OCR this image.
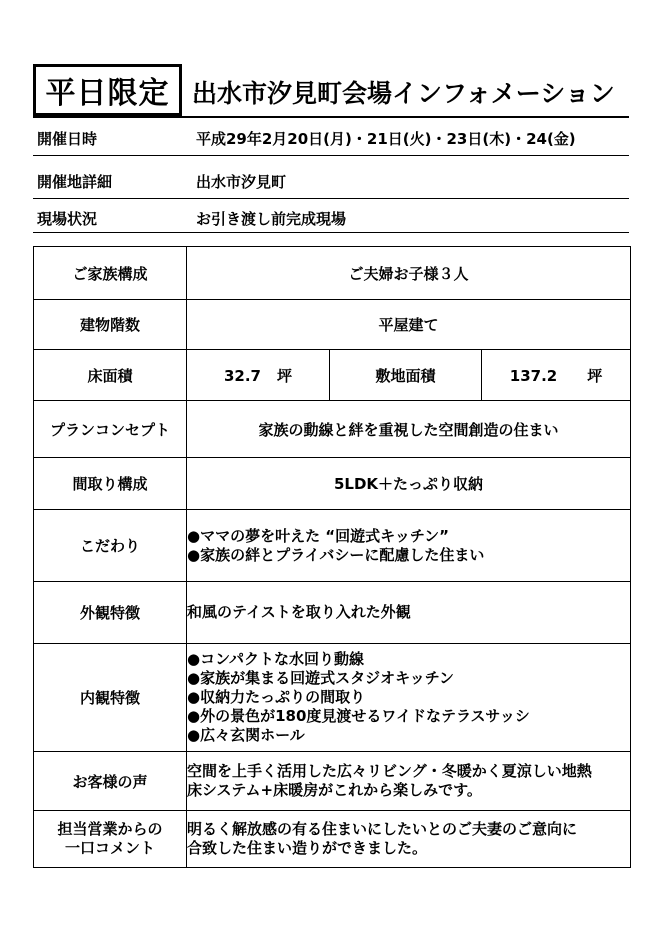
平日限定 出水市汐見町会場インフォメーション
開催日時	平成29年2月20日(月)・21日(火)・23日(木)・24(金)
開催地詳細	出水市汐見町
現場状況	お引き渡し前完成現場
ご家族構成	ご夫婦お子様３人		
建物階数	平屋建て		
床面積	32.7 坪	敷地面積	137.2 坪
プランコンセプト	家族の動線と絆を重視した空間創造の住まい		
間取り構成	5LDK＋たっぷり収納		
こだわり	●ママの夢を叶えた “回遊式キッチン”
●家族の絆とプライバシーに配慮した住まい		

外観特徴	和風のテイストを取り入れた外観		
内観特徴	●コンパクトな水回り動線
●家族が集まる回遊式スタジオキッチン
●収納力たっぷりの間取り
●外の景色が180度見渡せるワイドなテラスサッシ
●広々玄関ホール		

お客様の声	空間を上手く活用した広々リビング・冬暖かく夏涼しい地熱
床システム+床暖房がこれから楽しみです。		

担当営業からの
一口コメント	明るく解放感の有る住まいにしたいとのご夫妻のご意向に
合致した住まい造りができました。		
